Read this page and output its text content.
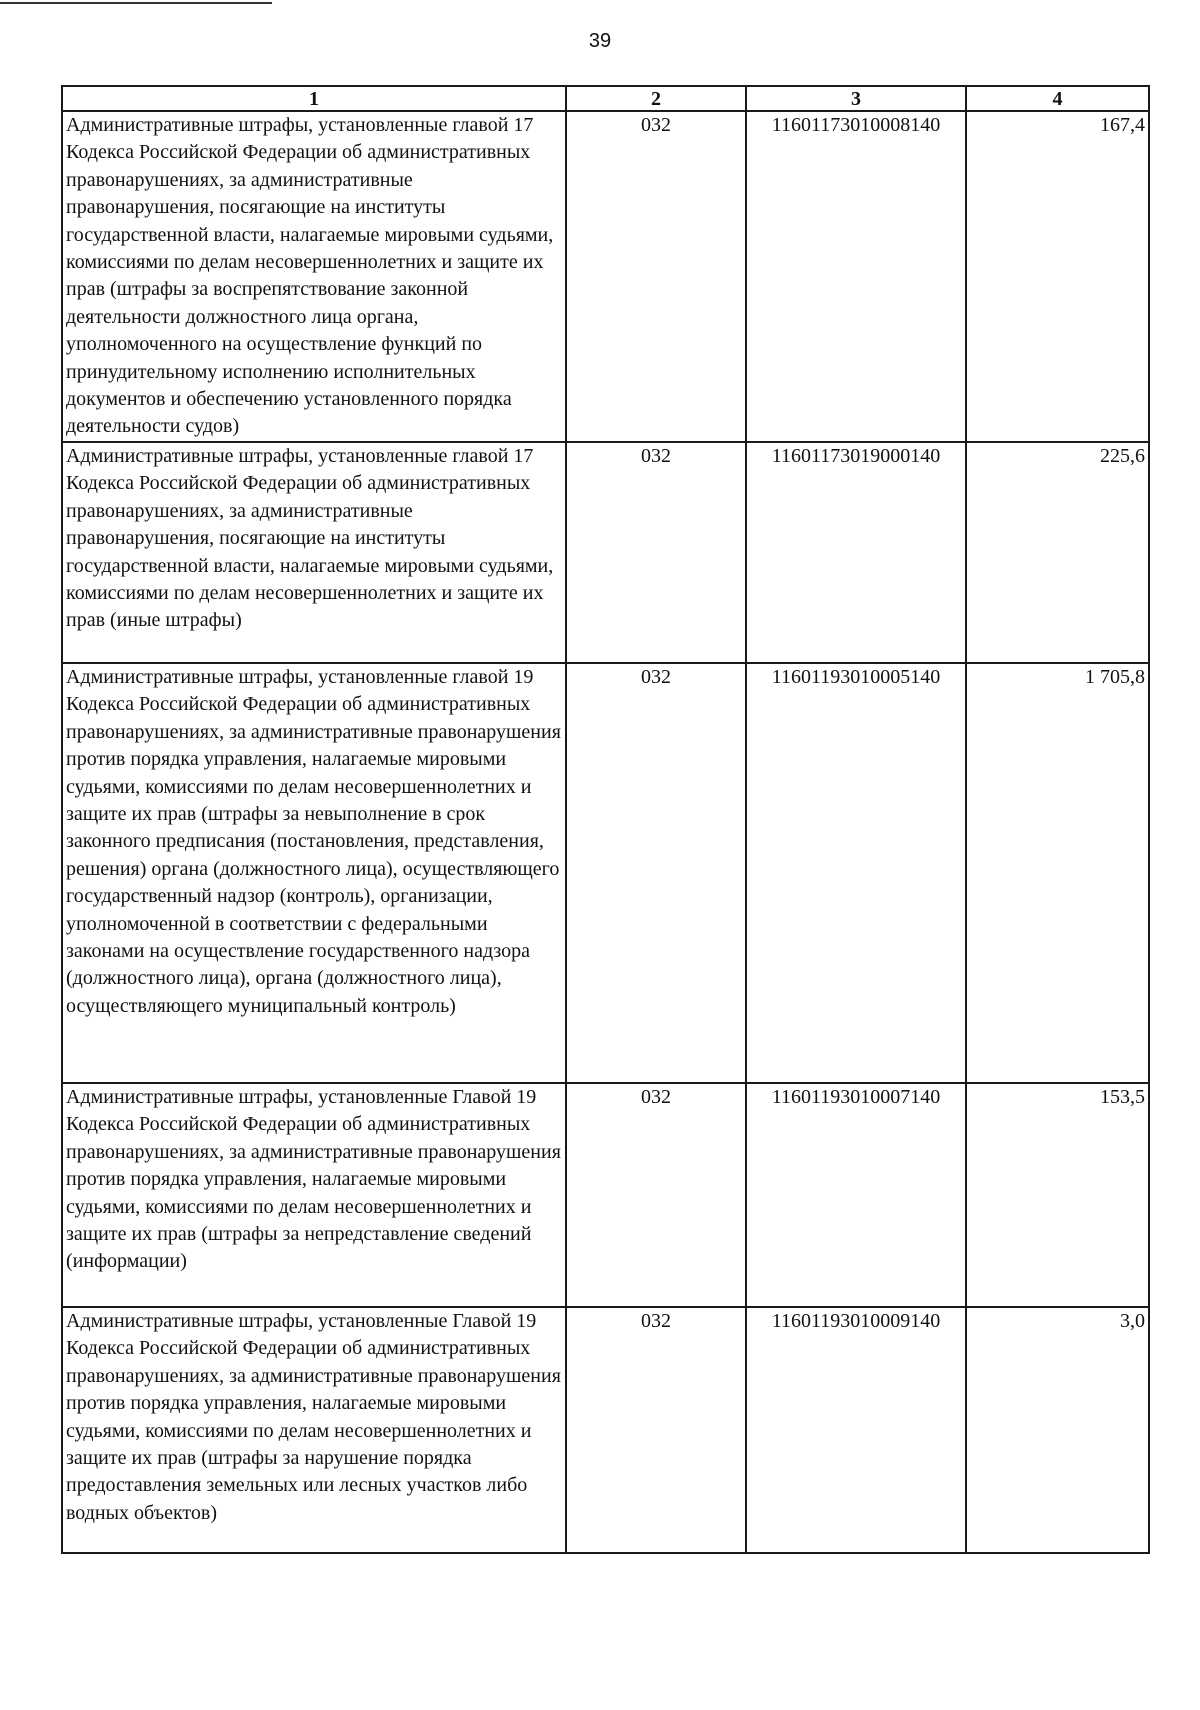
39
1	2	3	4
Административные штрафы, установленные главой 17 Кодекса Российской Федерации об административных правонарушениях, за административные правонарушения, посягающие на институты государственной власти, налагаемые мировыми судьями, комиссиями по делам несовершеннолетних и защите их прав (штрафы за воспрепятствование законной деятельности должностного лица органа, уполномоченного на осуществление функций по принудительному исполнению исполнительных документов и обеспечению установленного порядка деятельности судов)	032	11601173010008140	167,4
Административные штрафы, установленные главой 17 Кодекса Российской Федерации об административных правонарушениях, за административные правонарушения, посягающие на институты государственной власти, налагаемые мировыми судьями, комиссиями по делам несовершеннолетних и защите их прав (иные штрафы)	032	11601173019000140	225,6
Административные штрафы, установленные главой 19 Кодекса Российской Федерации об административных правонарушениях, за административные правонарушения против порядка управления, налагаемые мировыми судьями, комиссиями по делам несовершеннолетних и защите их прав (штрафы за невыполнение в срок законного предписания (постановления, представления, решения) органа (должностного лица), осуществляющего государственный надзор (контроль), организации, уполномоченной в соответствии с федеральными законами на осуществление государственного надзора (должностного лица), органа (должностного лица), осуществляющего муниципальный контроль)	032	11601193010005140	1 705,8
Административные штрафы, установленные Главой 19 Кодекса Российской Федерации об административных правонарушениях, за административные правонарушения против порядка управления, налагаемые мировыми судьями, комиссиями по делам несовершеннолетних и защите их прав (штрафы за непредставление сведений (информации)	032	11601193010007140	153,5
Административные штрафы, установленные Главой 19 Кодекса Российской Федерации об административных правонарушениях, за административные правонарушения против порядка управления, налагаемые мировыми судьями, комиссиями по делам несовершеннолетних и защите их прав (штрафы за нарушение порядка предоставления земельных или лесных участков либо водных объектов)	032	11601193010009140	3,0
